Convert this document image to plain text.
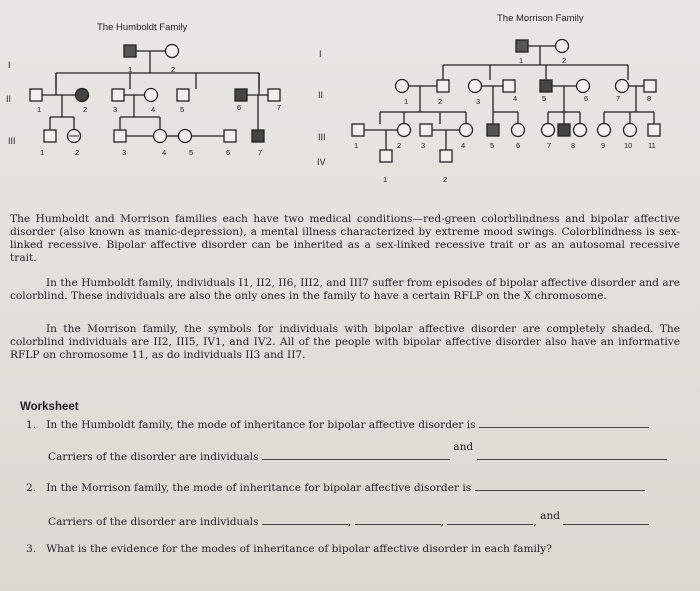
The Humboldt Family
The Morrison Family
I
II
III
I
II
III
IV
1	2
1	2	3	4	5	6	7
1	2	3	4	5	6	7
1	2
1	2	3	4	5	6	7	8
1	2	3	4	5	6	7	8	9	10 11
1	2
The Humboldt and Morrison families each have two medical conditions—red-green colorblindness and bipolar affective disorder (also known as manic-depression), a mental illness characterized by extreme mood swings. Colorblindness is sex-linked recessive. Bipolar affective disorder can be inherited as a sex-linked recessive trait or as an autosomal recessive trait.
In the Humboldt family, individuals I1, II2, II6, III2, and III7 suffer from episodes of bipolar affective disorder and are colorblind. These individuals are also the only ones in the family to have a certain RFLP on the X chromosome.
In the Morrison family, the symbols for individuals with bipolar affective disorder are completely shaded. The colorblind individuals are II2, III5, IV1, and IV2. All of the people with bipolar affective disorder also have an informative RFLP on chromosome 11, as do individuals II3 and II7.
Worksheet
1. In the Humboldt family, the mode of inheritance for bipolar affective disorder is
Carriers of the disorder are individuals  and
2. In the Morrison family, the mode of inheritance for bipolar affective disorder is
Carriers of the disorder are individuals	,	,	, and
3. What is the evidence for the modes of inheritance of bipolar affective disorder in each family?
